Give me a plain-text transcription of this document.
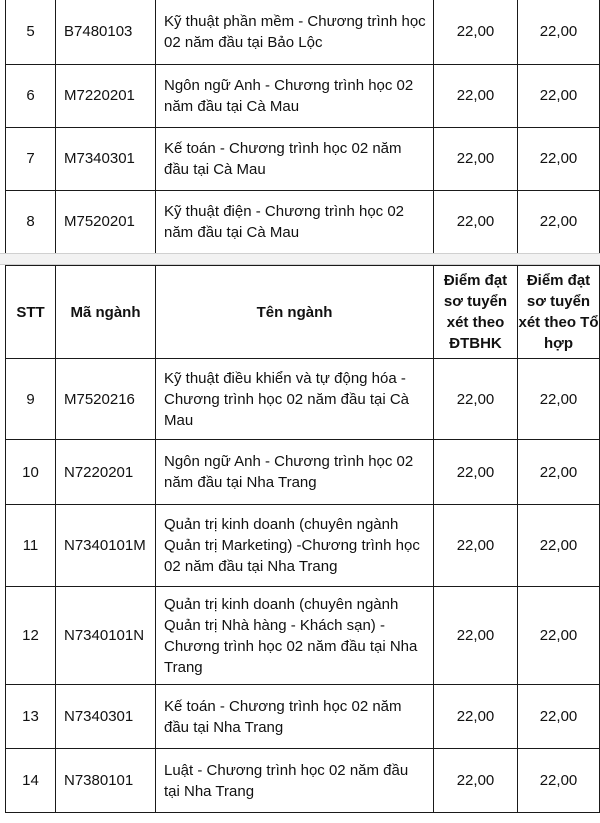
5	B7480103	Kỹ thuật phần mềm - Chương trình học 02 năm đầu tại Bảo Lộc	22,00	22,00
6	M7220201	Ngôn ngữ Anh - Chương trình học 02 năm đầu tại Cà Mau	22,00	22,00
7	M7340301	Kế toán - Chương trình học 02 năm đầu tại Cà Mau	22,00	22,00
8	M7520201	Kỹ thuật điện - Chương trình học 02 năm đầu tại Cà Mau	22,00	22,00
STT	Mã ngành	Tên ngành	Điểm đạt sơ tuyển xét theo ĐTBHK	Điểm đạt sơ tuyển xét theo Tổ hợp
9	M7520216	Kỹ thuật điều khiển và tự động hóa - Chương trình học 02 năm đầu tại Cà Mau	22,00	22,00
10	N7220201	Ngôn ngữ Anh - Chương trình học 02 năm đầu tại Nha Trang	22,00	22,00
11	N7340101M	Quản trị kinh doanh (chuyên ngành Quản trị Marketing) -Chương trình học 02 năm đầu tại Nha Trang	22,00	22,00
12	N7340101N	Quản trị kinh doanh (chuyên ngành Quản trị Nhà hàng - Khách sạn) - Chương trình học 02 năm đầu tại Nha Trang	22,00	22,00
13	N7340301	Kế toán - Chương trình học 02 năm đầu tại Nha Trang	22,00	22,00
14	N7380101	Luật - Chương trình học 02 năm đầu tại Nha Trang	22,00	22,00
